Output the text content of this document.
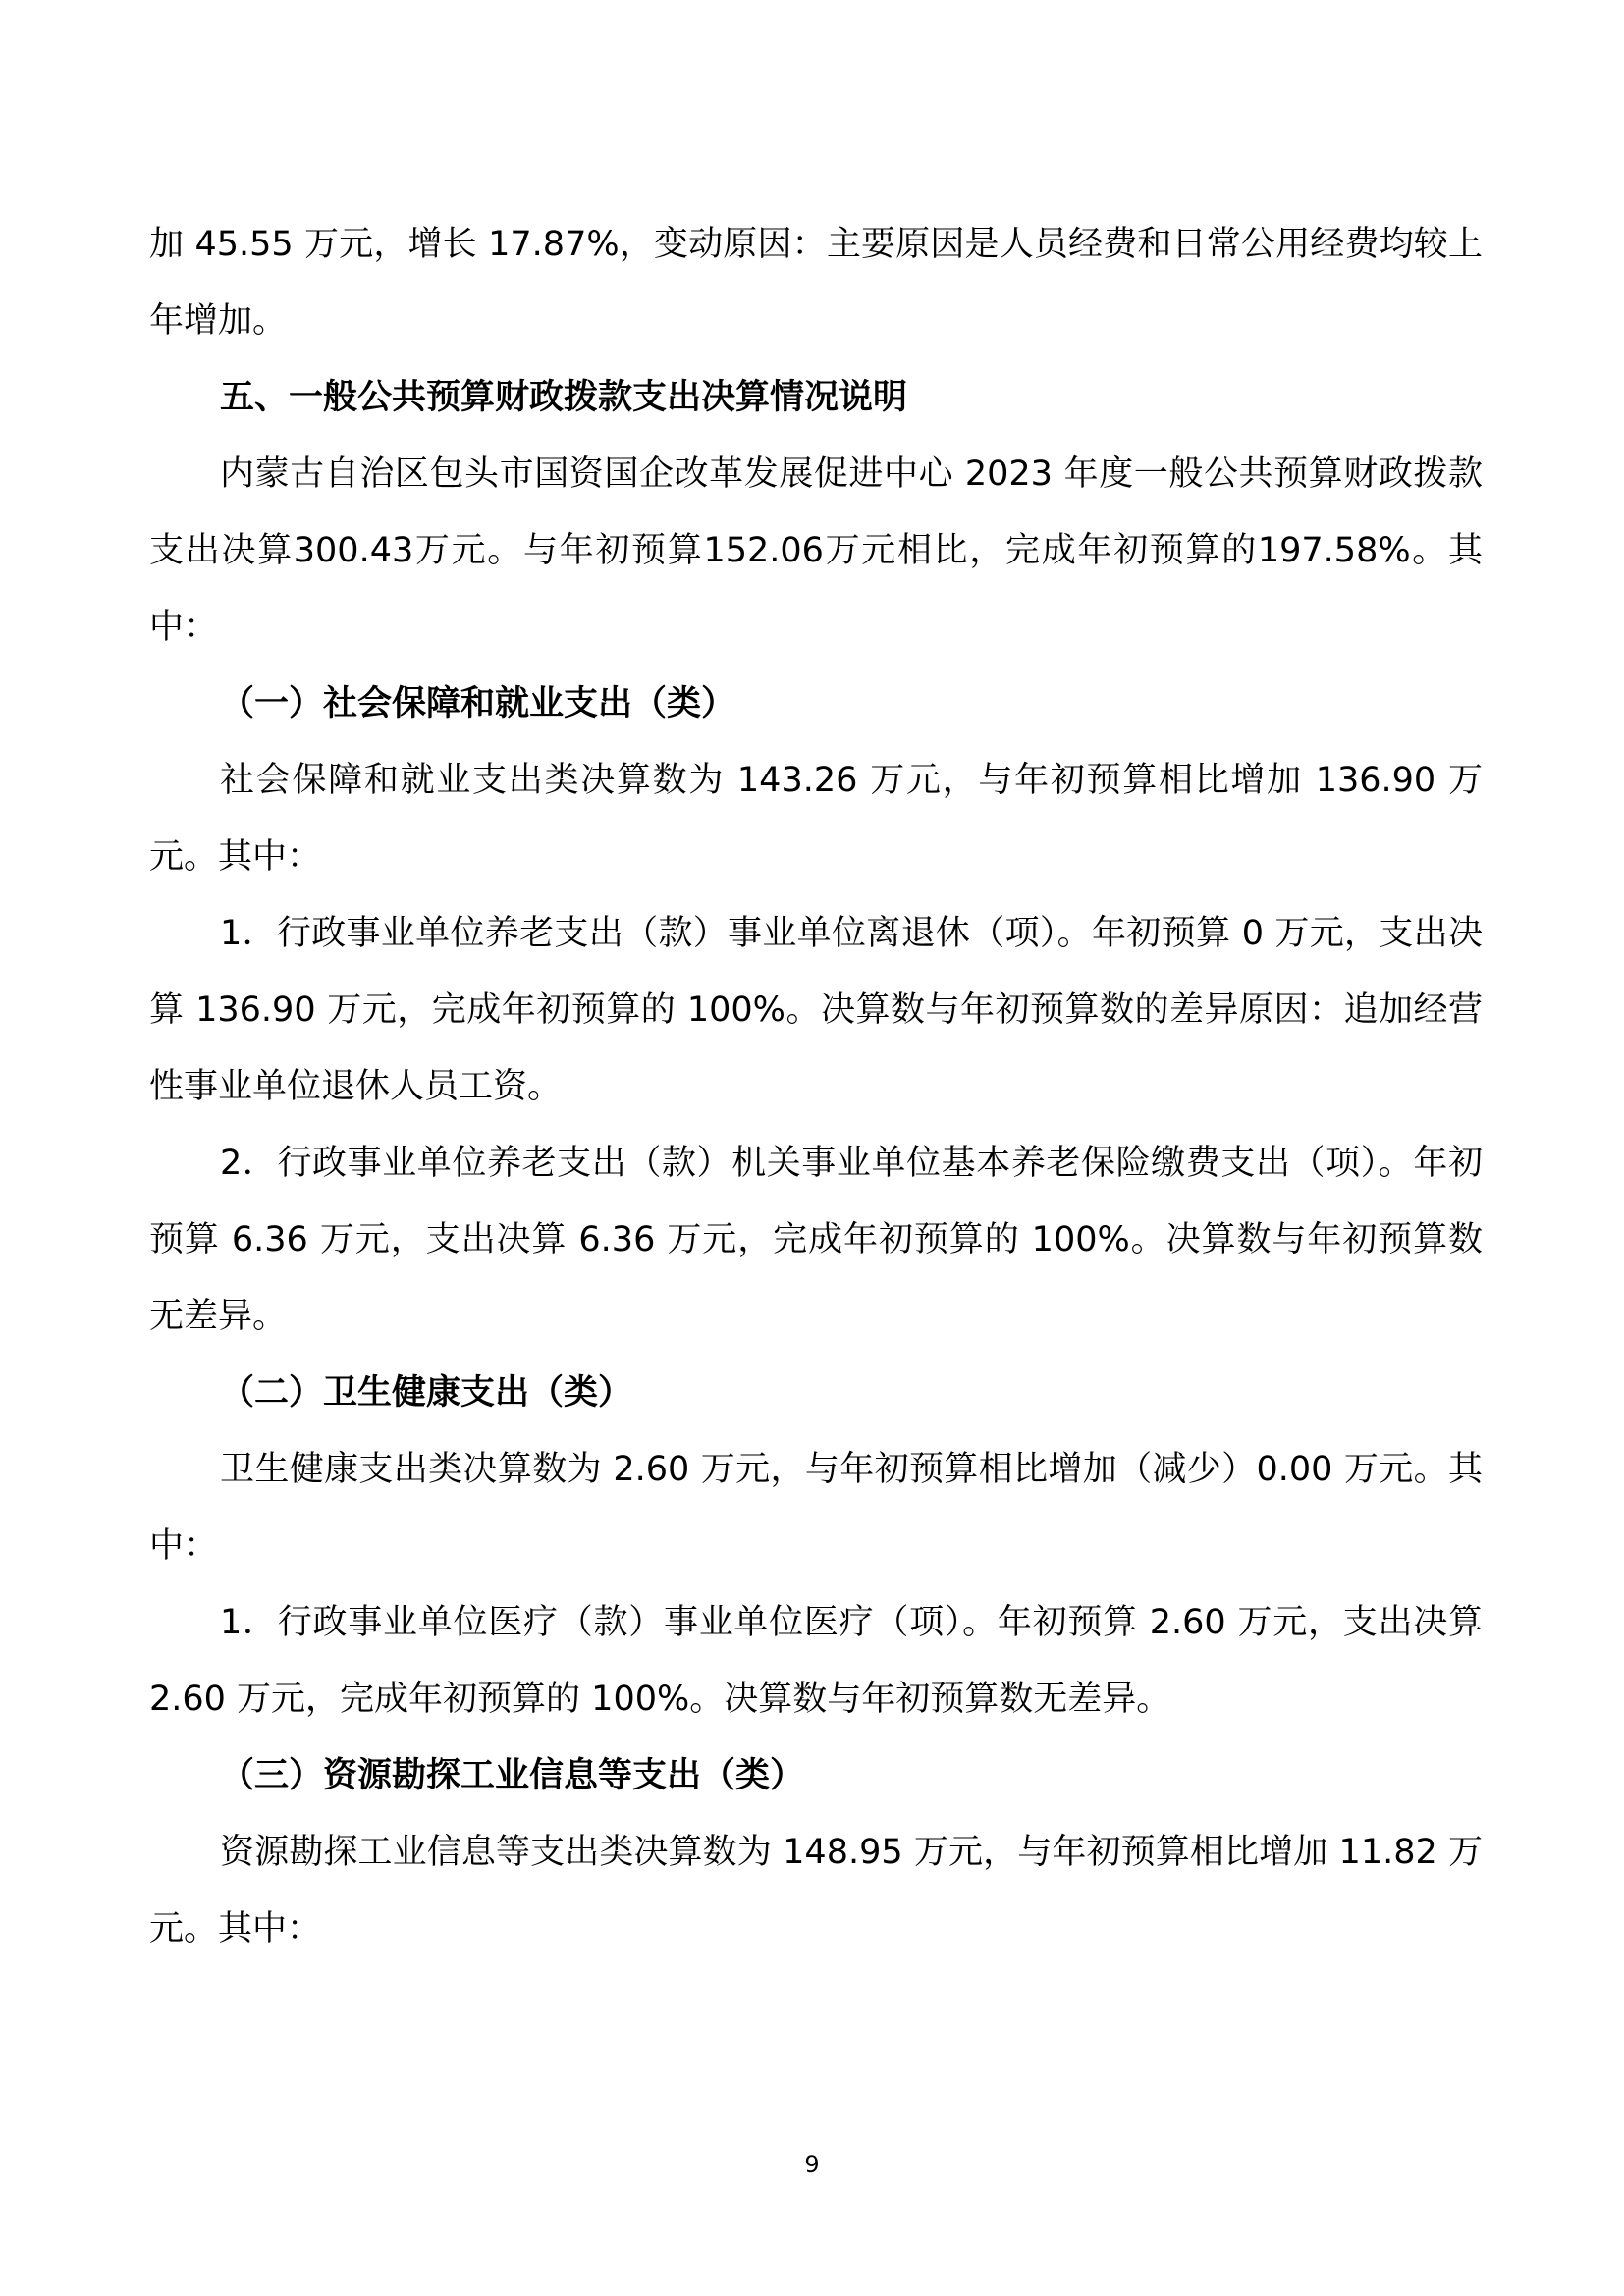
加 45.55 万元，增长 17.87%，变动原因：主要原因是人员经费和日常公用经费均较上年增加。

五、一般公共预算财政拨款支出决算情况说明

内蒙古自治区包头市国资国企改革发展促进中心 2023 年度一般公共预算财政拨款支出决算300.43万元。与年初预算152.06万元相比，完成年初预算的197.58%。其中：

（一）社会保障和就业支出（类）

社会保障和就业支出类决算数为 143.26 万元，与年初预算相比增加 136.90 万元。其中：

1．行政事业单位养老支出（款）事业单位离退休（项）。年初预算 0 万元，支出决算 136.90 万元，完成年初预算的 100%。决算数与年初预算数的差异原因：追加经营性事业单位退休人员工资。

2．行政事业单位养老支出（款）机关事业单位基本养老保险缴费支出（项）。年初预算 6.36 万元，支出决算 6.36 万元，完成年初预算的 100%。决算数与年初预算数无差异。

（二）卫生健康支出（类）

卫生健康支出类决算数为 2.60 万元，与年初预算相比增加（减少）0.00 万元。其中：

1．行政事业单位医疗（款）事业单位医疗（项）。年初预算 2.60 万元，支出决算 2.60 万元，完成年初预算的 100%。决算数与年初预算数无差异。

（三）资源勘探工业信息等支出（类）

资源勘探工业信息等支出类决算数为 148.95 万元，与年初预算相比增加 11.82 万元。其中：

9
